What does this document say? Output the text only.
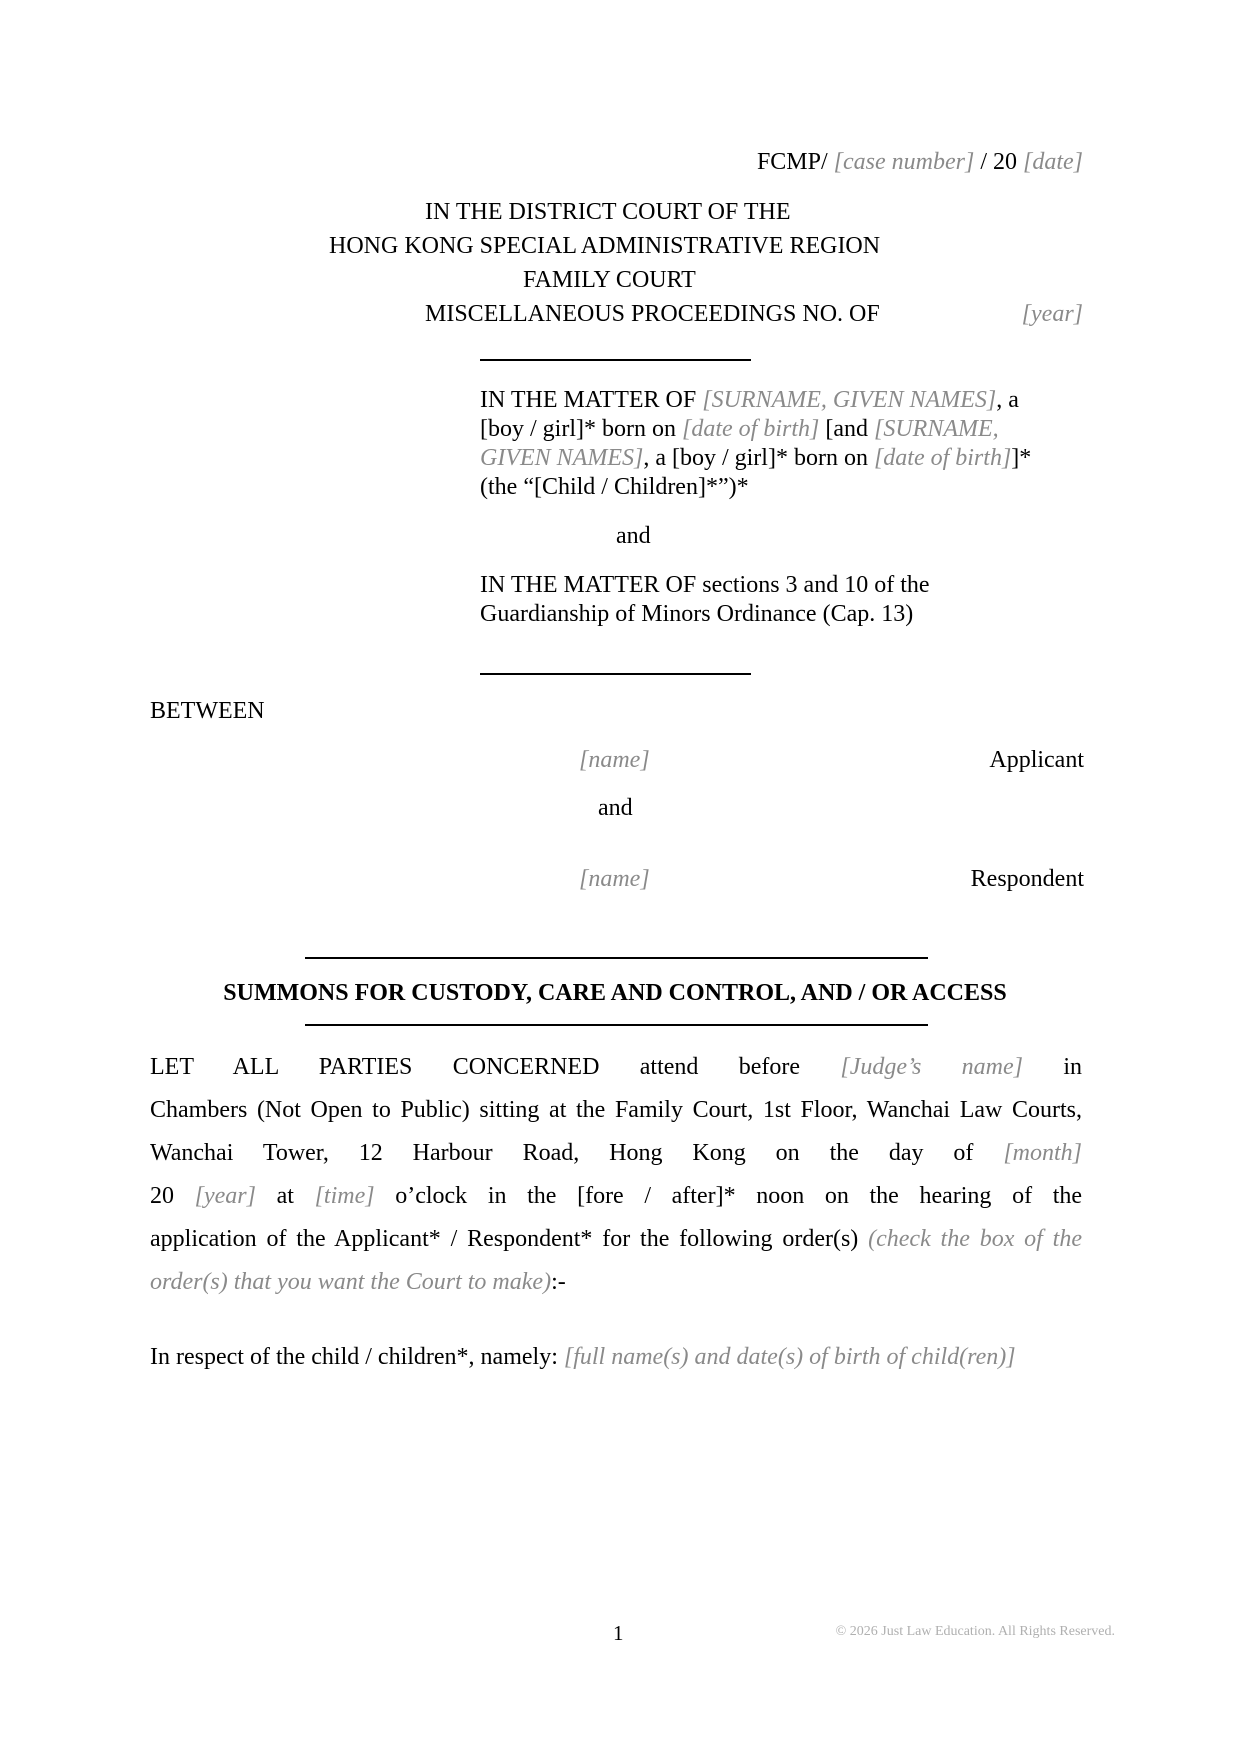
FCMP/ [case number] / 20 [date]
IN THE DISTRICT COURT OF THE
HONG KONG SPECIAL ADMINISTRATIVE REGION
FAMILY COURT
MISCELLANEOUS PROCEEDINGS NO. OF	[year]
IN THE MATTER OF [SURNAME, GIVEN NAMES], a [boy / girl]* born on [date of birth] [and [SURNAME, GIVEN NAMES], a [boy / girl]* born on [date of birth]]* (the “[Child / Children]*”)*
and
IN THE MATTER OF sections 3 and 10 of the
Guardianship of Minors Ordinance (Cap. 13)
BETWEEN
[name]	Applicant
and
[name]	Respondent
SUMMONS FOR CUSTODY, CARE AND CONTROL, AND / OR ACCESS
LET ALL PARTIES CONCERNED attend before [Judge’s name] in
Chambers (Not Open to Public) sitting at the Family Court, 1st Floor, Wanchai Law Courts,
Wanchai Tower, 12 Harbour Road, Hong Kong on the day of [month]
20 [year] at [time] o’clock in the [fore / after]* noon on the hearing of the
application of the Applicant* / Respondent* for the following order(s) (check the box of the
order(s) that you want the Court to make):-
In respect of the child / children*, namely: [full name(s) and date(s) of birth of child(ren)]
1	© 2026 Just Law Education. All Rights Reserved.
